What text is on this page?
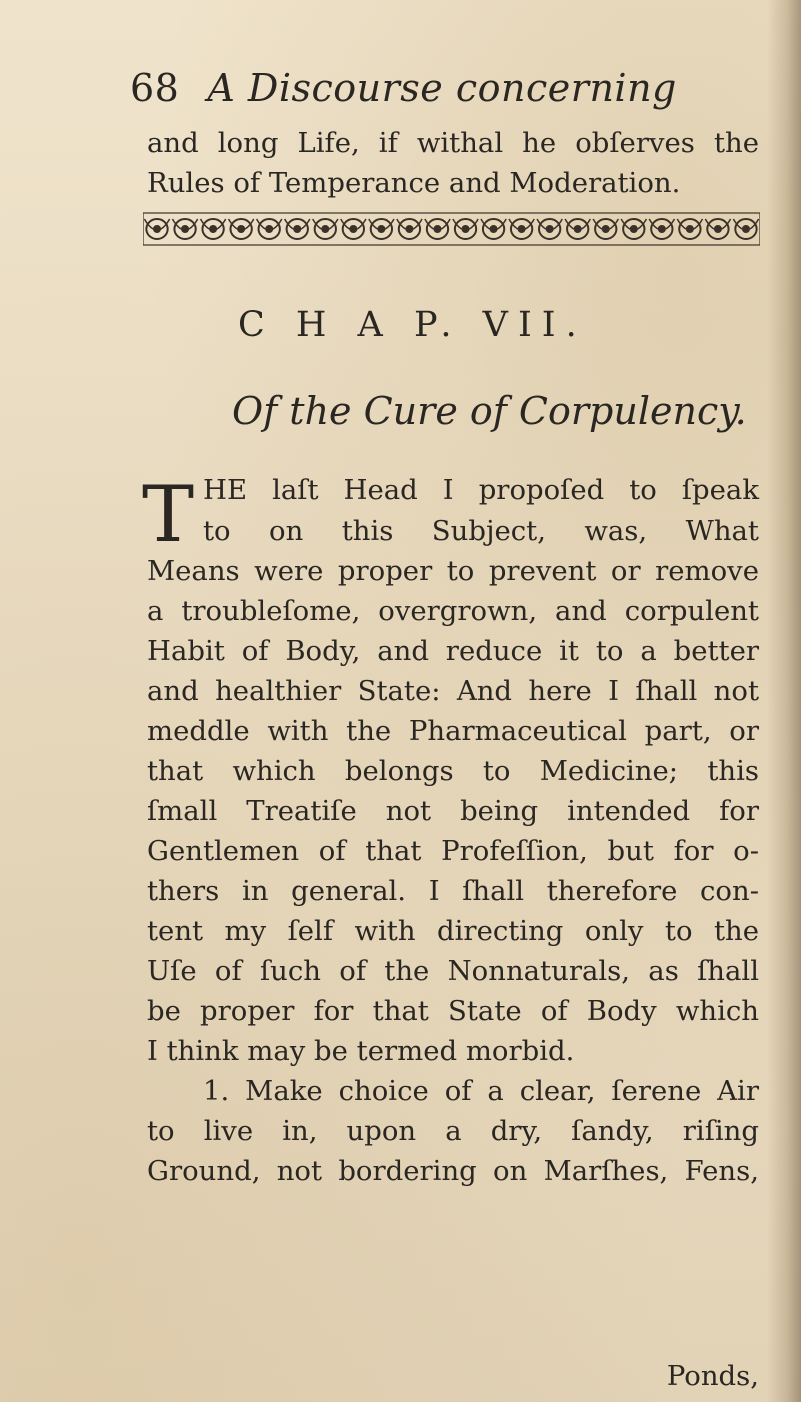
68 A Discourse concerning
and long Life, if withal he obſerves the
Rules of Temperance and Moderation.
C H A P. VII.
Of the Cure of Corpulency.
T HE laſt Head I propoſed to ſpeak
to on this Subject, was, What
Means were proper to prevent or remove
a troubleſome, overgrown, and corpulent
Habit of Body, and reduce it to a better
and healthier State: And here I ſhall not
meddle with the Pharmaceutical part, or
that which belongs to Medicine; this
ſmall Treatiſe not being intended for
Gentlemen of that Profeſſion, but for o-
thers in general. I ſhall therefore con-
tent my ſelf with directing only to the
Uſe of ſuch of the Nonnaturals, as ſhall
be proper for that State of Body which
I think may be termed morbid.
1. Make choice of a clear, ſerene Air
to live in, upon a dry, ſandy, riſing
Ground, not bordering on Marſhes, Fens,
Ponds,
